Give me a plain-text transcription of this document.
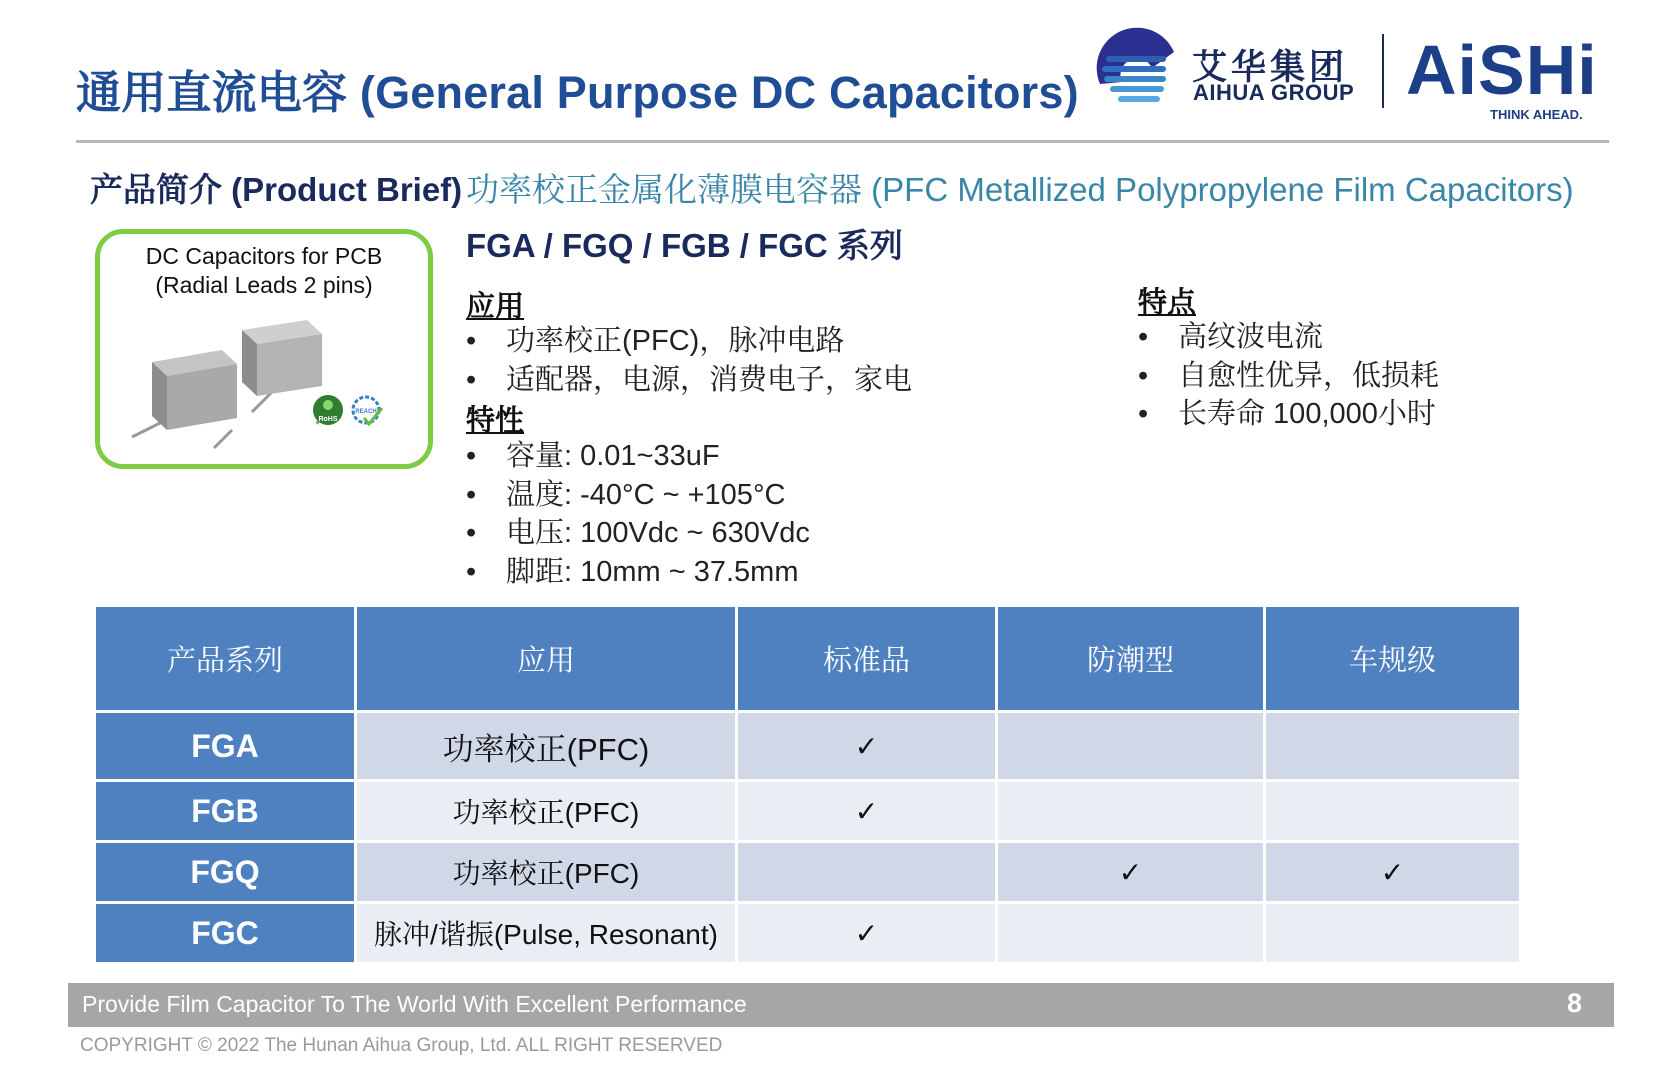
通用直流电容 (General Purpose DC Capacitors)	艾华集团
AIHUA GROUP AiSHi
THINK AHEAD.
产品简介 (Product Brief) 功率校正金属化薄膜电容器 (PFC Metallized Polypropylene Film Capacitors)
FGA / FGQ / FGB / FGC 系列
DC Capacitors for PCB
(Radial Leads 2 pins)
RoHS
REACH
应用
• 功率校正(PFC)，脉冲电路
• 适配器，电源，消费电子，家电
特性
• 容量: 0.01~33uF
• 温度: -40°C ~ +105°C
• 电压: 100Vdc ~ 630Vdc
• 脚距: 10mm ~ 37.5mm
特点
• 高纹波电流
• 自愈性优异，低损耗
• 长寿命 100,000小时
产品系列	应用	标准品	防潮型	车规级
FGA	功率校正(PFC)	✓		
FGB	功率校正(PFC)	✓		
FGQ	功率校正(PFC)		✓	✓
FGC	脉冲/谐振(Pulse, Resonant)	✓		
Provide Film Capacitor To The World With Excellent Performance	8
COPYRIGHT © 2022 The Hunan Aihua Group, Ltd. ALL RIGHT RESERVED
